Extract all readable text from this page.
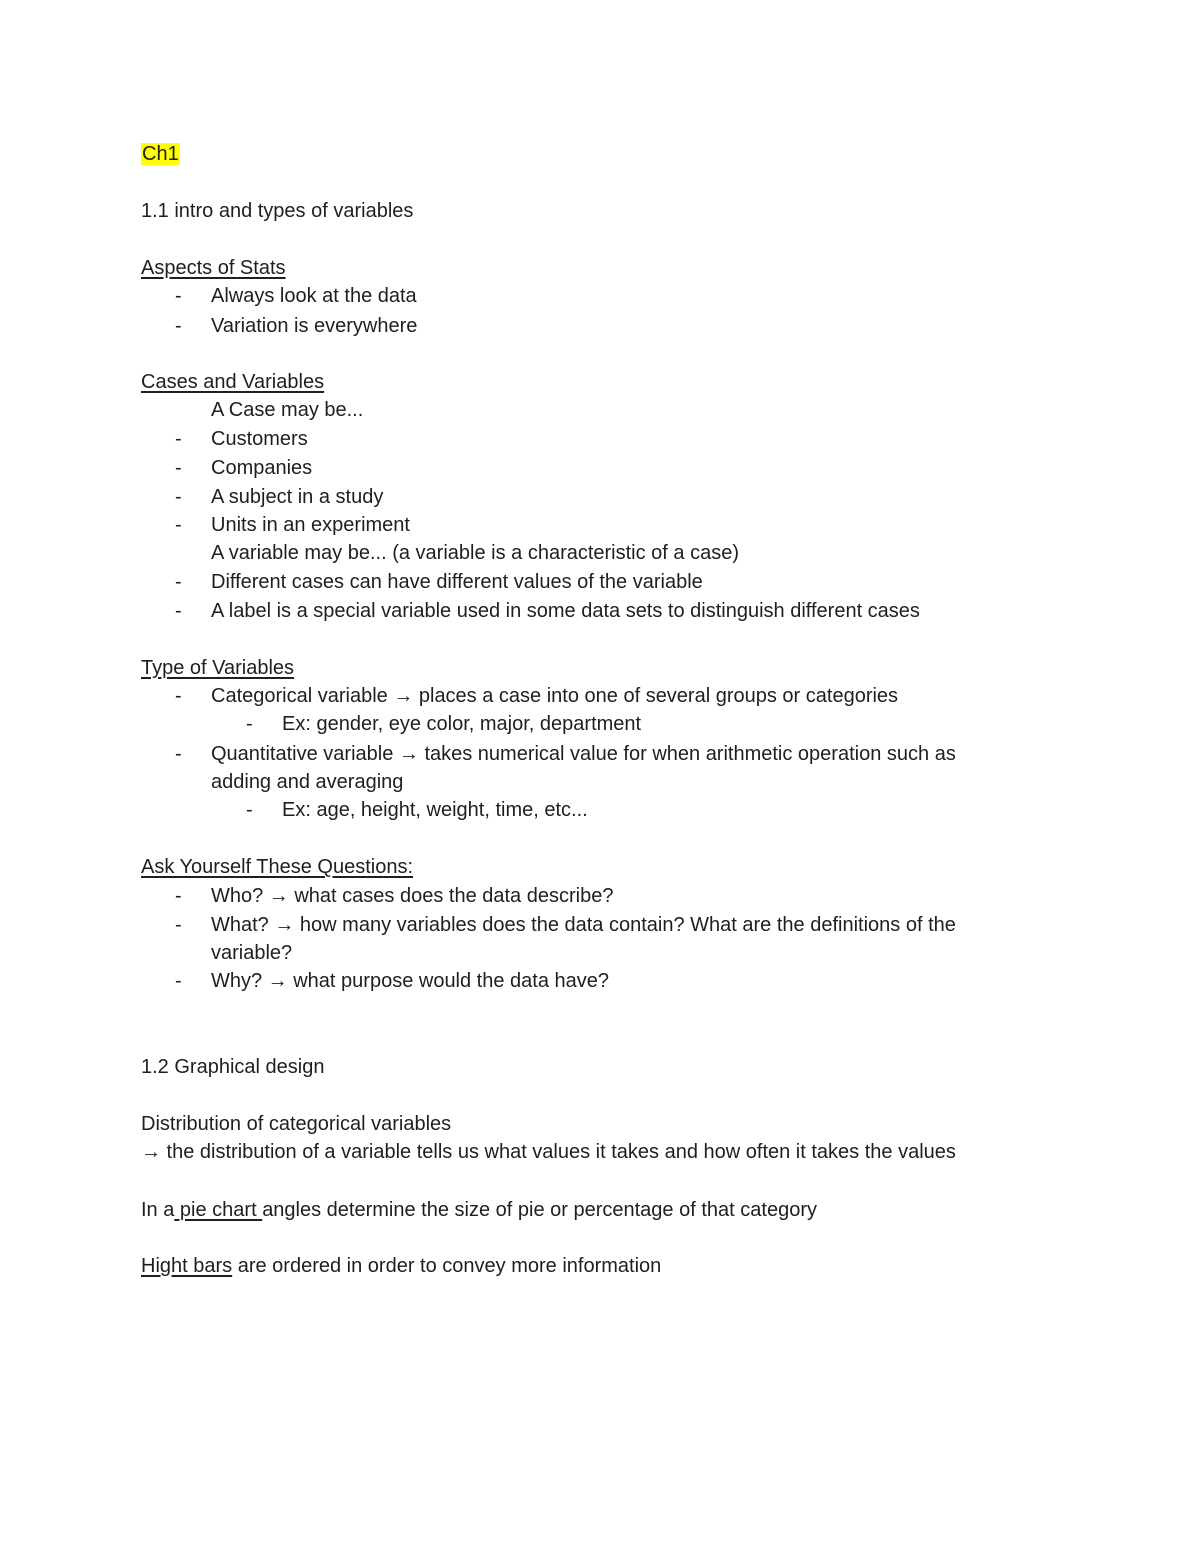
Ch1
1.1 intro and types of variables
Aspects of Stats
- Always look at the data
- Variation is everywhere
Cases and Variables
A Case may be...
- Customers
- Companies
- A subject in a study
- Units in an experiment
A variable may be... (a variable is a characteristic of a case)
- Different cases can have different values of the variable
- A label is a special variable used in some data sets to distinguish different cases
Type of Variables
- Categorical variable → places a case into one of several groups or categories
- Ex: gender, eye color, major, department
- Quantitative variable → takes numerical value for when arithmetic operation such as
adding and averaging
- Ex: age, height, weight, time, etc...
Ask Yourself These Questions:
- Who? → what cases does the data describe?
- What? → how many variables does the data contain? What are the definitions of the
variable?
- Why? → what purpose would the data have?
1.2 Graphical design
Distribution of categorical variables
→ the distribution of a variable tells us what values it takes and how often it takes the values
In a pie chart angles determine the size of pie or percentage of that category
Hight bars are ordered in order to convey more information
